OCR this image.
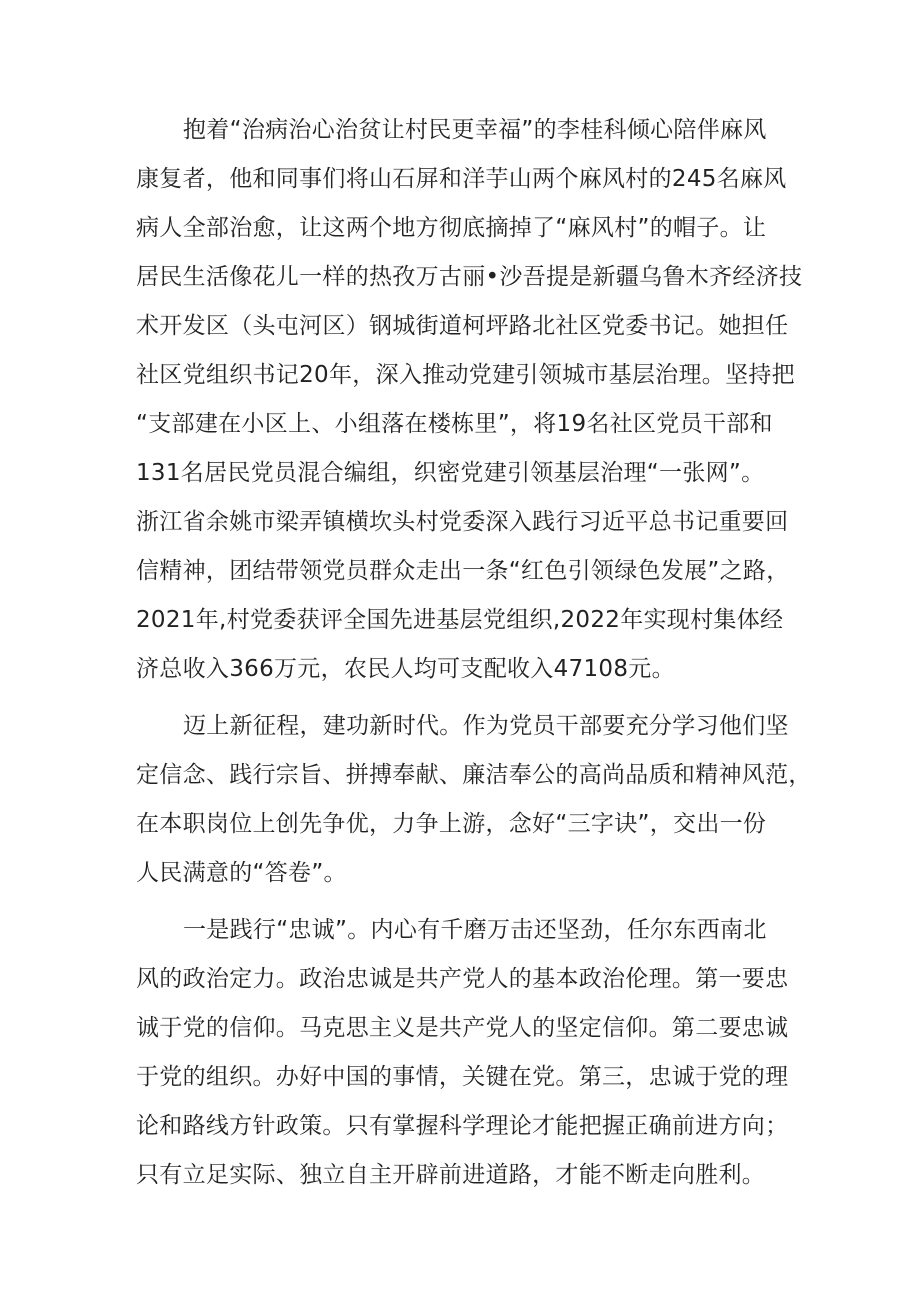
抱着“治病治心治贫让村民更幸福”的李桂科倾心陪伴麻风
康复者，他和同事们将山石屏和洋芋山两个麻风村的245名麻风
病人全部治愈，让这两个地方彻底摘掉了“麻风村”的帽子。让
居民生活像花儿一样的热孜万古丽•沙吾提是新疆乌鲁木齐经济技
术开发区（头屯河区）钢城街道柯坪路北社区党委书记。她担任
社区党组织书记20年，深入推动党建引领城市基层治理。坚持把
“支部建在小区上、小组落在楼栋里”，将19名社区党员干部和
131名居民党员混合编组，织密党建引领基层治理“一张网”。
浙江省余姚市梁弄镇横坎头村党委深入践行习近平总书记重要回
信精神，团结带领党员群众走出一条“红色引领绿色发展”之路，
2021年,村党委获评全国先进基层党组织,2022年实现村集体经
济总收入366万元，农民人均可支配收入47108元。
迈上新征程，建功新时代。作为党员干部要充分学习他们坚
定信念、践行宗旨、拼搏奉献、廉洁奉公的高尚品质和精神风范，
在本职岗位上创先争优，力争上游，念好“三字诀”，交出一份
人民满意的“答卷”。
一是践行“忠诚”。内心有千磨万击还坚劲，任尔东西南北
风的政治定力。政治忠诚是共产党人的基本政治伦理。第一要忠
诚于党的信仰。马克思主义是共产党人的坚定信仰。第二要忠诚
于党的组织。办好中国的事情，关键在党。第三，忠诚于党的理
论和路线方针政策。只有掌握科学理论才能把握正确前进方向；
只有立足实际、独立自主开辟前进道路，才能不断走向胜利。
